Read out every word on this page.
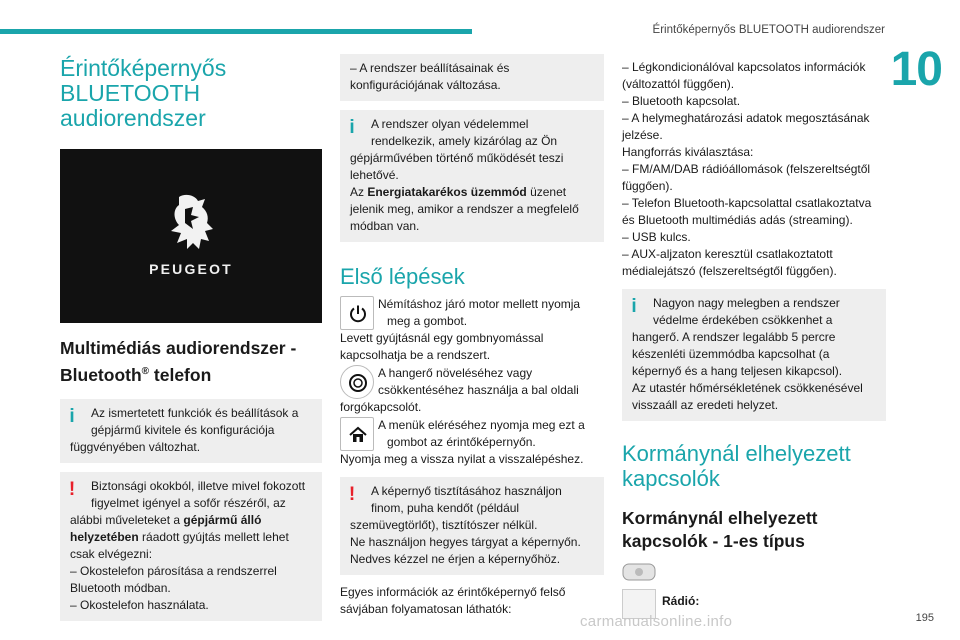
Érintőképernyős BLUETOOTH audiorendszer
10
Érintőképernyős
BLUETOOTH
audiorendszer
PEUGEOT
Multimédiás audiorendszer -
Bluetooth® telefon
i	Az ismertetett funkciók és beállítások a
gépjármű kivitele és konfigurációja
függvényében változhat.
!	Biztonsági okokból, illetve mivel fokozott
figyelmet igényel a sofőr részéről, az
alábbi műveleteket a gépjármű álló
helyzetében ráadott gyújtás mellett lehet
csak elvégezni:
– Okostelefon párosítása a rendszerrel
Bluetooth módban.
– Okostelefon használata.
– A rendszer beállításainak és
konfigurációjának változása.
i	A rendszer olyan védelemmel
rendelkezik, amely kizárólag az Ön
gépjárművében történő működését teszi
lehetővé.
Az Energiatakarékos üzemmód üzenet
jelenik meg, amikor a rendszer a megfelelő
módban van.
Első lépések
Némításhoz járó motor mellett nyomja
meg a gombot.
Levett gyújtásnál egy gombnyomással
kapcsolhatja be a rendszert.
A hangerő növeléséhez vagy
csökkentéséhez használja a bal oldali
forgókapcsolót.
A menük eléréséhez nyomja meg ezt a
gombot az érintőképernyőn.
Nyomja meg a vissza nyilat a visszalépéshez.
!	A képernyő tisztításához használjon
finom, puha kendőt (például
szemüvegtörlőt), tisztítószer nélkül.
Ne használjon hegyes tárgyat a képernyőn.
Nedves kézzel ne érjen a képernyőhöz.
Egyes információk az érintőképernyő felső
sávjában folyamatosan láthatók:
– Légkondicionálóval kapcsolatos információk
(változattól függően).
– Bluetooth kapcsolat.
– A helymeghatározási adatok megosztásának
jelzése.
Hangforrás kiválasztása:
– FM/AM/DAB rádióállomások (felszereltségtől
függően).
– Telefon Bluetooth-kapcsolattal csatlakoztatva
és Bluetooth multimédiás adás (streaming).
– USB kulcs.
– AUX-aljzaton keresztül csatlakoztatott
médialejátszó (felszereltségtől függően).
i	Nagyon nagy melegben a rendszer
védelme érdekében csökkenhet a
hangerő. A rendszer legalább 5 percre
készenléti üzemmódba kapcsolhat (a
képernyő és a hang teljesen kikapcsol).
Az utastér hőmérsékletének csökkenésével
visszaáll az eredeti helyzet.
Kormánynál elhelyezett
kapcsolók
Kormánynál elhelyezett
kapcsolók - 1-es típus
Rádió:
carmanualsonline.info	195
